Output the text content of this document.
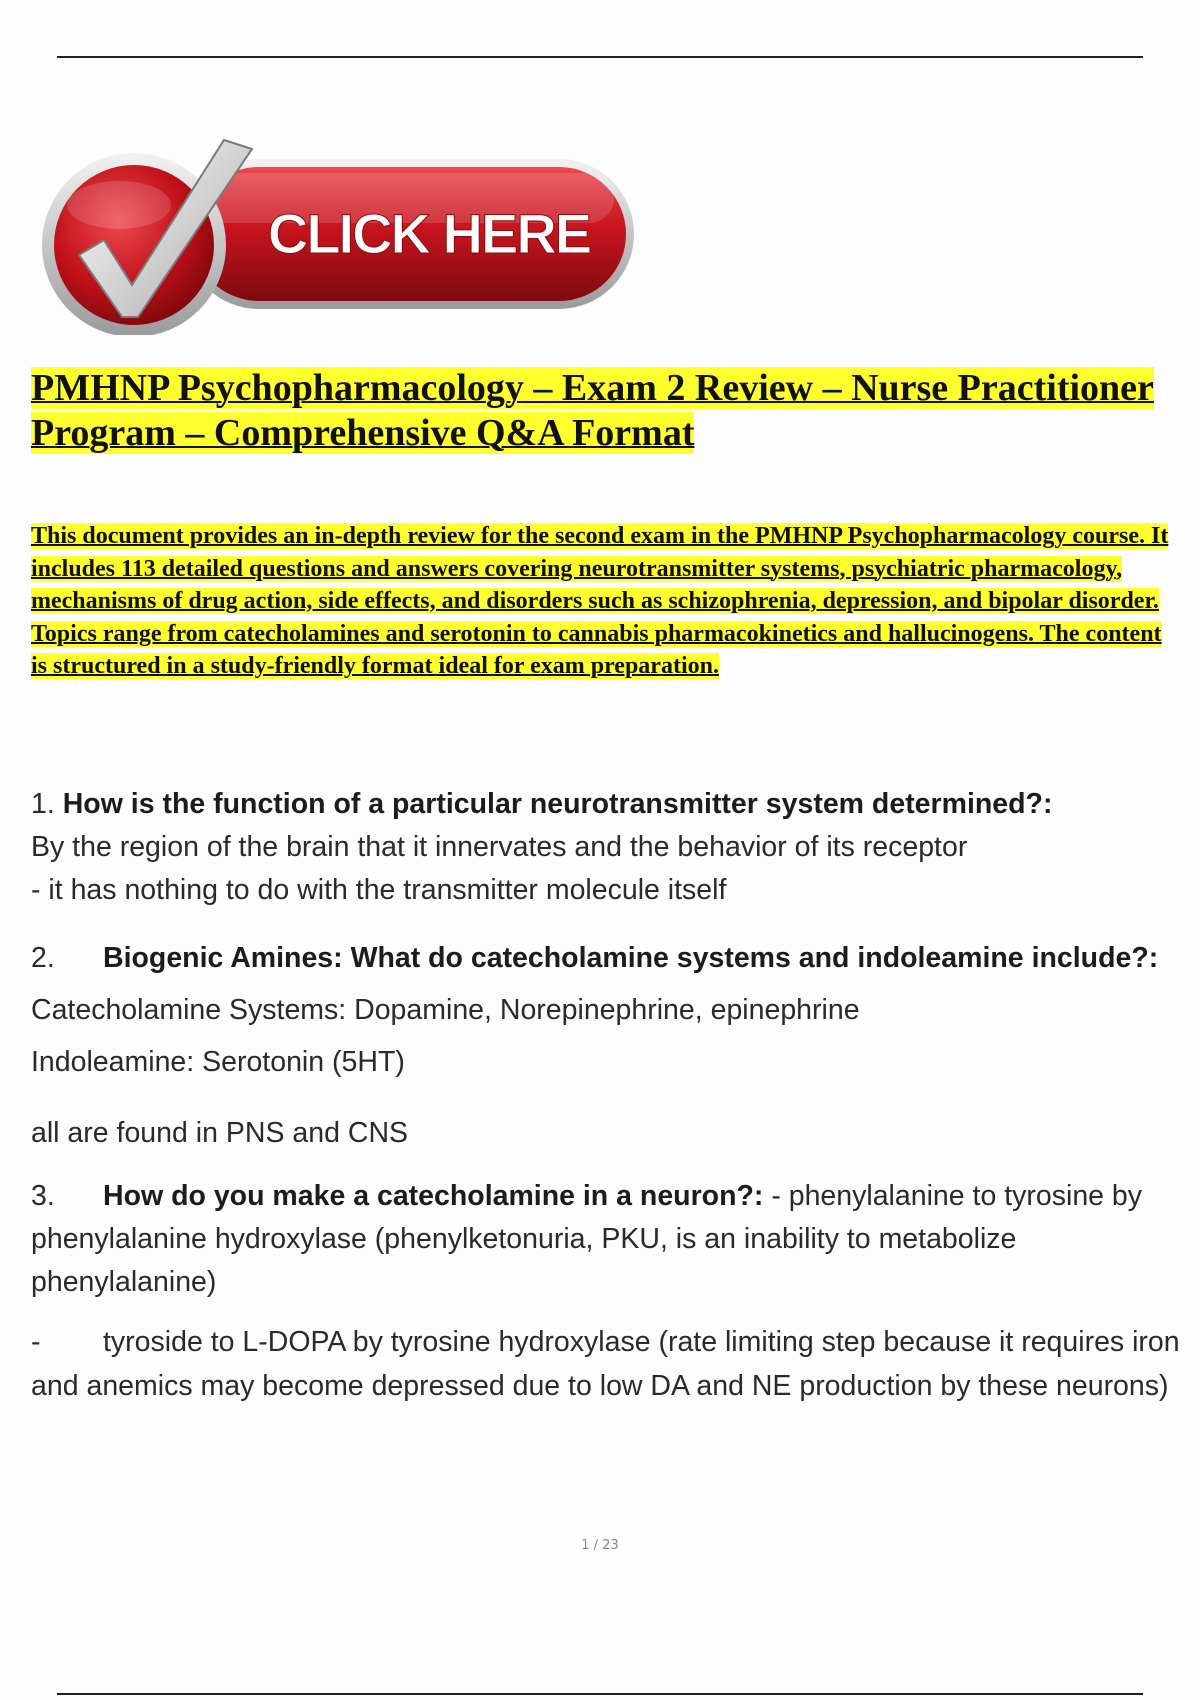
CLICK HERE
PMHNP Psychopharmacology – Exam 2 Review – Nurse Practitioner Program – Comprehensive Q&A Format

This document provides an in-depth review for the second exam in the PMHNP Psychopharmacology course. It includes 113 detailed questions and answers covering neurotransmitter systems, psychiatric pharmacology, mechanisms of drug action, side effects, and disorders such as schizophrenia, depression, and bipolar disorder. Topics range from catecholamines and serotonin to cannabis pharmacokinetics and hallucinogens. The content is structured in a study-friendly format ideal for exam preparation.

1. How is the function of a particular neurotransmitter system determined?:
By the region of the brain that it innervates and the behavior of its receptor
- it has nothing to do with the transmitter molecule itself

2. Biogenic Amines: What do catecholamine systems and indoleamine include?: Catecholamine Systems: Dopamine, Norepinephrine, epinephrine
Indoleamine: Serotonin (5HT)

all are found in PNS and CNS

3. How do you make a catecholamine in a neuron?: - phenylalanine to tyrosine by phenylalanine hydroxylase (phenylketonuria, PKU, is an inability to metabolize phenylalanine)

- tyroside to L-DOPA by tyrosine hydroxylase (rate limiting step because it requires iron and anemics may become depressed due to low DA and NE production by these neurons)

1 / 23
